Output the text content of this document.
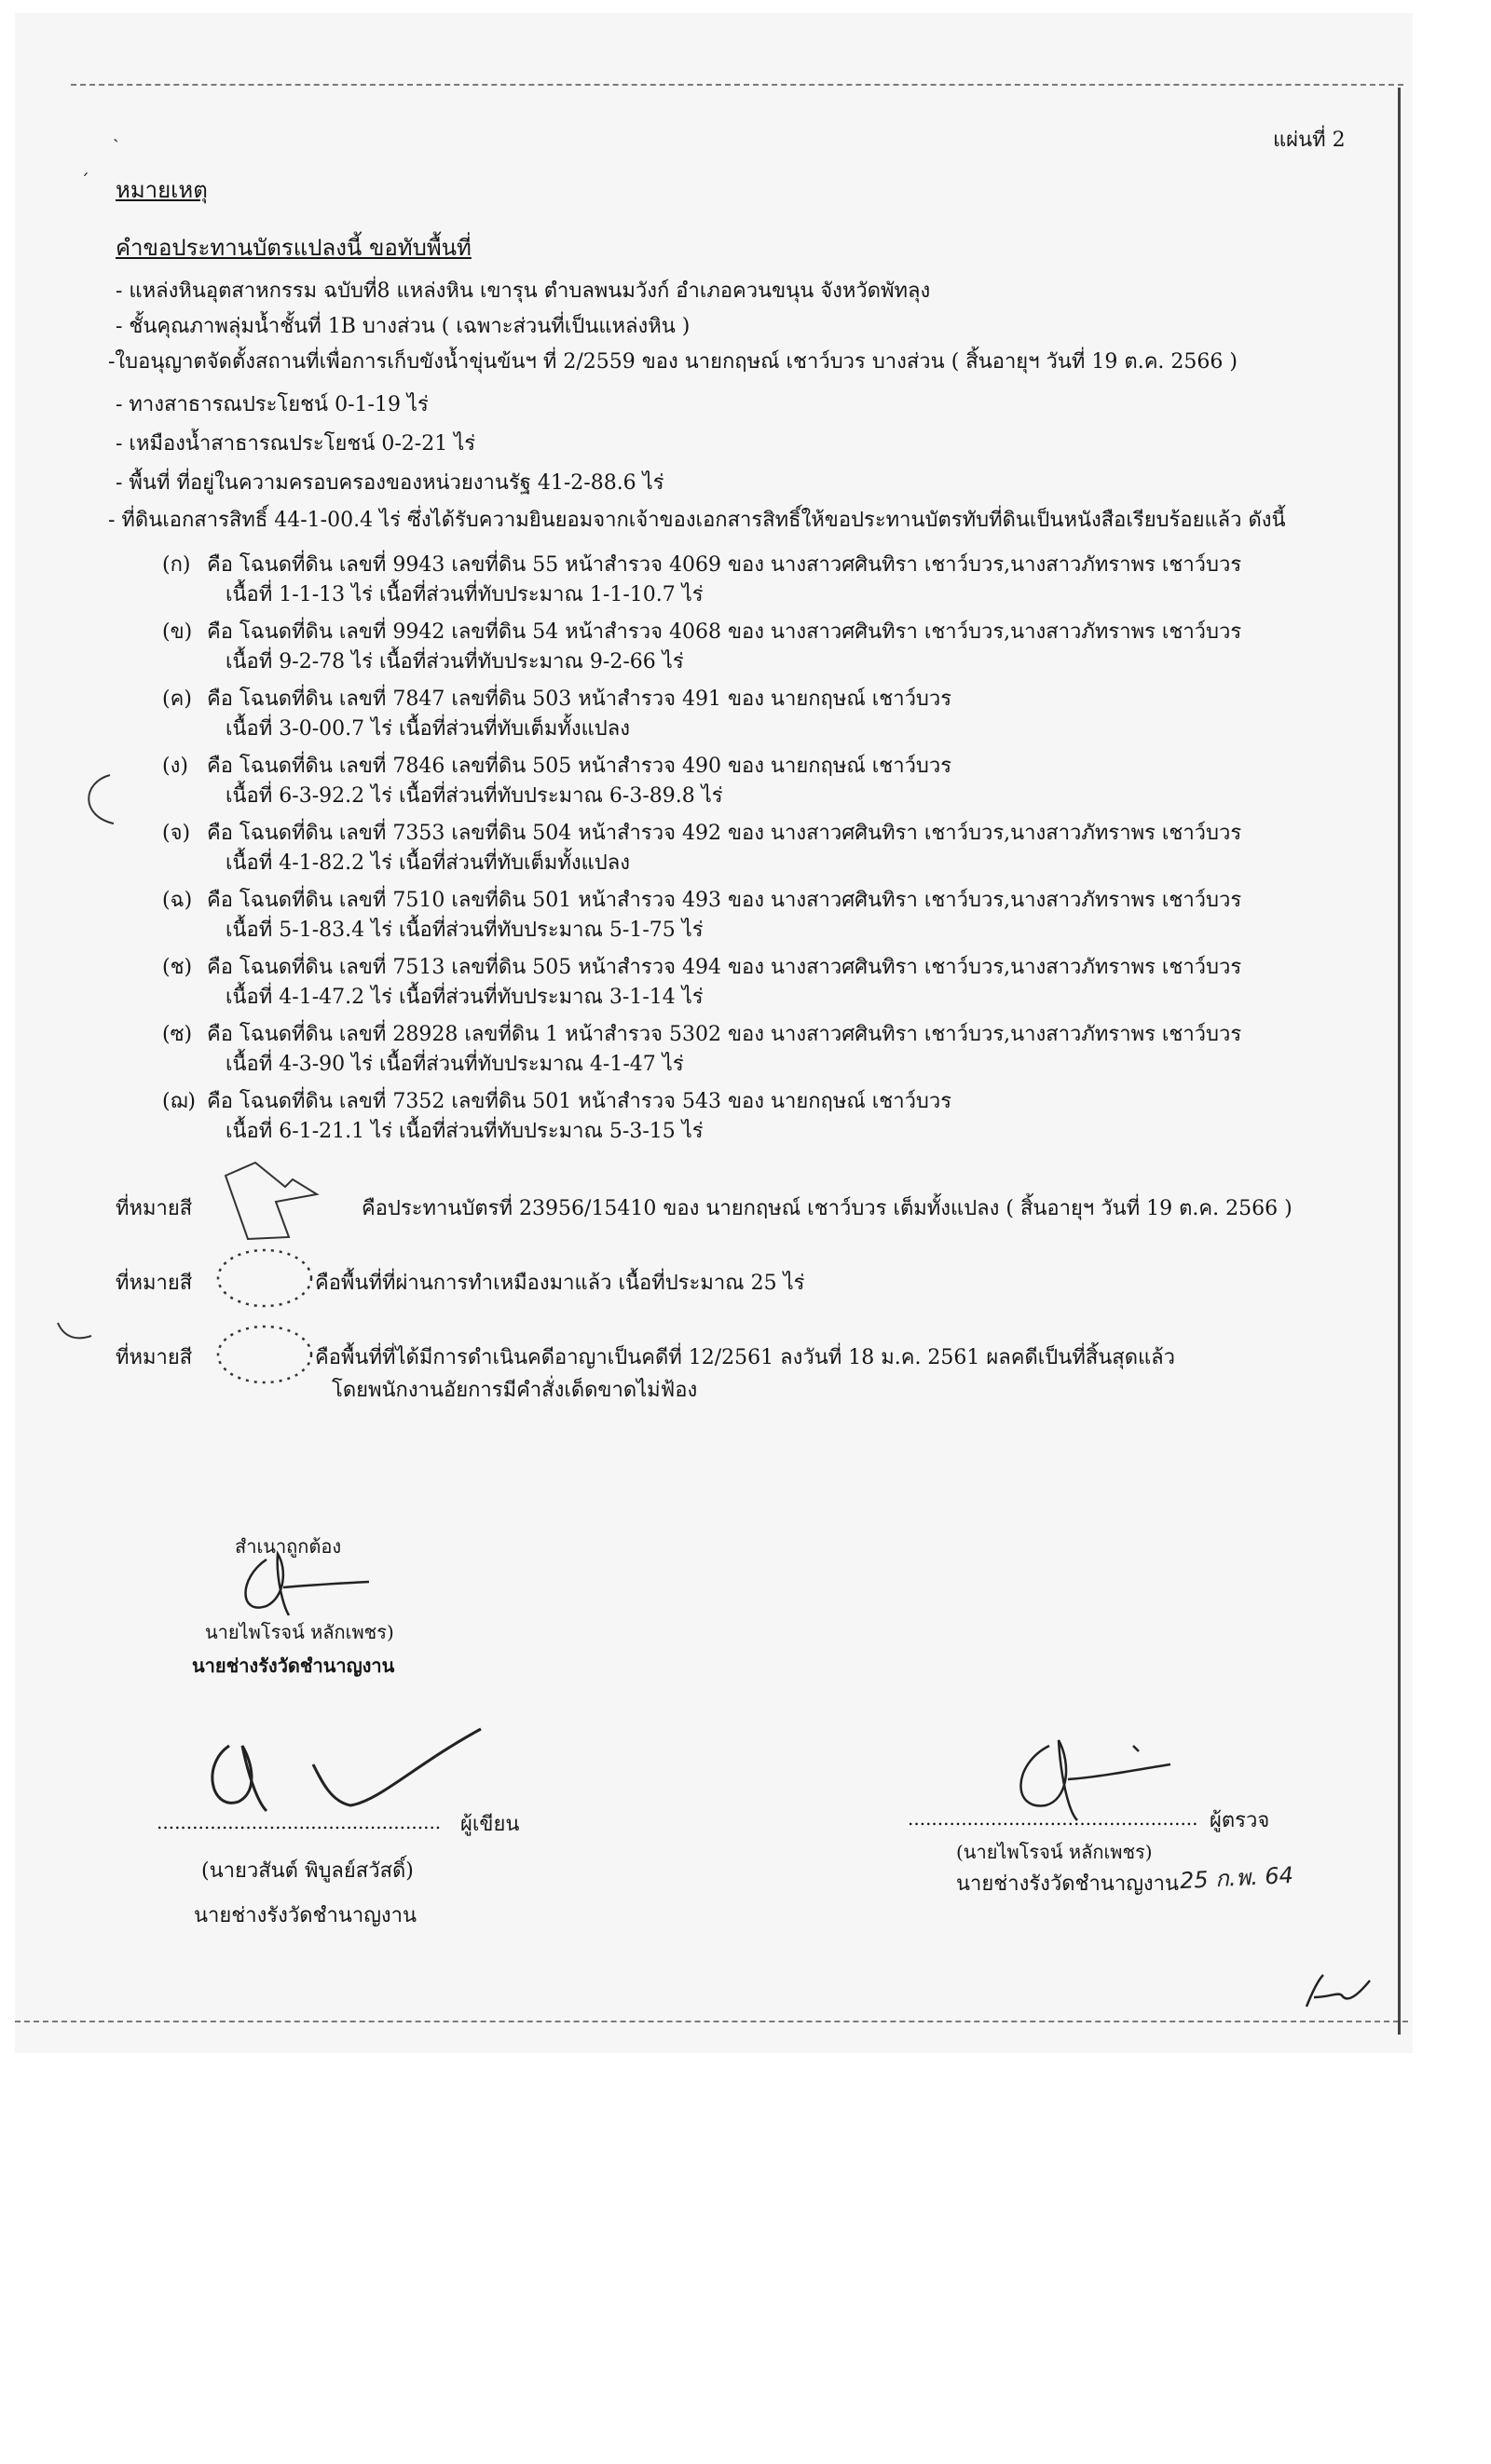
ˎ
ˊ
แผ่นที่ 2
หมายเหตุ
คำขอประทานบัตรแปลงนี้ ขอทับพื้นที่
- แหล่งหินอุตสาหกรรม ฉบับที่8 แหล่งหิน เขารุน ตำบลพนมวังก์ อำเภอควนขนุน จังหวัดพัทลุง
- ชั้นคุณภาพลุ่มน้ำชั้นที่ 1B บางส่วน ( เฉพาะส่วนที่เป็นแหล่งหิน )
-ใบอนุญาตจัดตั้งสถานที่เพื่อการเก็บขังน้ำขุ่นข้นฯ ที่ 2/2559 ของ นายกฤษณ์ เชาว์บวร บางส่วน ( สิ้นอายุฯ วันที่ 19 ต.ค. 2566 )
- ทางสาธารณประโยชน์ 0-1-19 ไร่
- เหมืองน้ำสาธารณประโยชน์ 0-2-21 ไร่
- พื้นที่ ที่อยู่ในความครอบครองของหน่วยงานรัฐ 41-2-88.6 ไร่
- ที่ดินเอกสารสิทธิ์ 44-1-00.4 ไร่ ซึ่งได้รับความยินยอมจากเจ้าของเอกสารสิทธิ์ให้ขอประทานบัตรทับที่ดินเป็นหนังสือเรียบร้อยแล้ว ดังนี้
(ก) คือ โฉนดที่ดิน เลขที่ 9943 เลขที่ดิน 55 หน้าสำรวจ 4069 ของ นางสาวศศินทิรา เชาว์บวร,นางสาวภัทราพร เชาว์บวร
เนื้อที่ 1-1-13 ไร่ เนื้อที่ส่วนที่ทับประมาณ 1-1-10.7 ไร่
(ข) คือ โฉนดที่ดิน เลขที่ 9942 เลขที่ดิน 54 หน้าสำรวจ 4068 ของ นางสาวศศินทิรา เชาว์บวร,นางสาวภัทราพร เชาว์บวร
เนื้อที่ 9-2-78 ไร่ เนื้อที่ส่วนที่ทับประมาณ 9-2-66 ไร่
(ค) คือ โฉนดที่ดิน เลขที่ 7847 เลขที่ดิน 503 หน้าสำรวจ 491 ของ นายกฤษณ์ เชาว์บวร
เนื้อที่ 3-0-00.7 ไร่ เนื้อที่ส่วนที่ทับเต็มทั้งแปลง
(ง) คือ โฉนดที่ดิน เลขที่ 7846 เลขที่ดิน 505 หน้าสำรวจ 490 ของ นายกฤษณ์ เชาว์บวร
เนื้อที่ 6-3-92.2 ไร่ เนื้อที่ส่วนที่ทับประมาณ 6-3-89.8 ไร่
(จ) คือ โฉนดที่ดิน เลขที่ 7353 เลขที่ดิน 504 หน้าสำรวจ 492 ของ นางสาวศศินทิรา เชาว์บวร,นางสาวภัทราพร เชาว์บวร
เนื้อที่ 4-1-82.2 ไร่ เนื้อที่ส่วนที่ทับเต็มทั้งแปลง
(ฉ) คือ โฉนดที่ดิน เลขที่ 7510 เลขที่ดิน 501 หน้าสำรวจ 493 ของ นางสาวศศินทิรา เชาว์บวร,นางสาวภัทราพร เชาว์บวร
เนื้อที่ 5-1-83.4 ไร่ เนื้อที่ส่วนที่ทับประมาณ 5-1-75 ไร่
(ช) คือ โฉนดที่ดิน เลขที่ 7513 เลขที่ดิน 505 หน้าสำรวจ 494 ของ นางสาวศศินทิรา เชาว์บวร,นางสาวภัทราพร เชาว์บวร
เนื้อที่ 4-1-47.2 ไร่ เนื้อที่ส่วนที่ทับประมาณ 3-1-14 ไร่
(ซ) คือ โฉนดที่ดิน เลขที่ 28928 เลขที่ดิน 1 หน้าสำรวจ 5302 ของ นางสาวศศินทิรา เชาว์บวร,นางสาวภัทราพร เชาว์บวร
เนื้อที่ 4-3-90 ไร่ เนื้อที่ส่วนที่ทับประมาณ 4-1-47 ไร่
(ฌ) คือ โฉนดที่ดิน เลขที่ 7352 เลขที่ดิน 501 หน้าสำรวจ 543 ของ นายกฤษณ์ เชาว์บวร
เนื้อที่ 6-1-21.1 ไร่ เนื้อที่ส่วนที่ทับประมาณ 5-3-15 ไร่
ที่หมายสี	คือประทานบัตรที่ 23956/15410 ของ นายกฤษณ์ เชาว์บวร เต็มทั้งแปลง ( สิ้นอายุฯ วันที่ 19 ต.ค. 2566 )
ที่หมายสี	คือพื้นที่ที่ผ่านการทำเหมืองมาแล้ว เนื้อที่ประมาณ 25 ไร่
ที่หมายสี	คือพื้นที่ที่ได้มีการดำเนินคดีอาญาเป็นคดีที่ 12/2561 ลงวันที่ 18 ม.ค. 2561 ผลคดีเป็นที่สิ้นสุดแล้ว
โดยพนักงานอัยการมีคำสั่งเด็ดขาดไม่ฟ้อง
สำเนาถูกต้อง
นายไพโรจน์ หลักเพชร)
นายช่างรังวัดชำนาญงาน
................................................ ผู้เขียน
(นายวสันต์ พิบูลย์สวัสดิ์)
นายช่างรังวัดชำนาญงาน
................................................. ผู้ตรวจ
(นายไพโรจน์ หลักเพชร)
นายช่างรังวัดชำนาญงาน 25 ก.พ. 64
